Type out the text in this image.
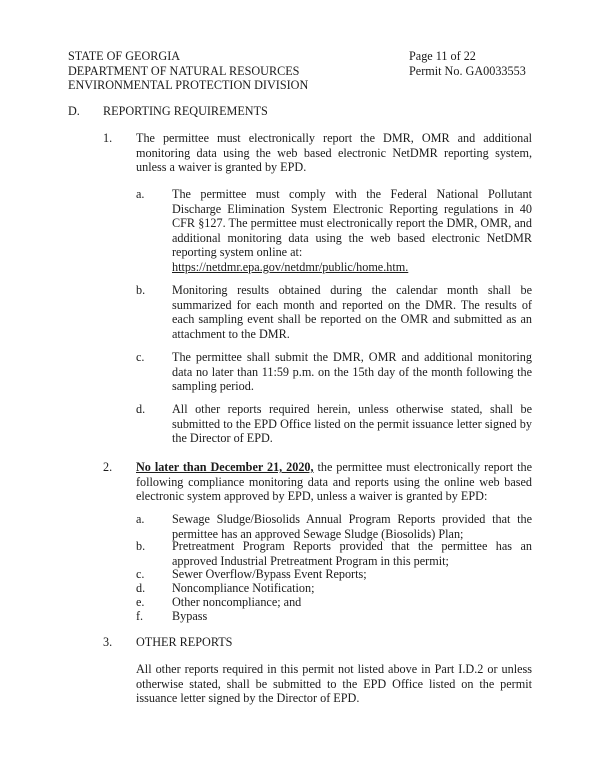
STATE OF GEORGIA
DEPARTMENT OF NATURAL RESOURCES
ENVIRONMENTAL PROTECTION DIVISION
Page 11 of 22
Permit No. GA0033553
D. REPORTING REQUIREMENTS
1.	The permittee must electronically report the DMR, OMR and additional monitoring data using the web based electronic NetDMR reporting system, unless a waiver is granted by EPD.
a.	The permittee must comply with the Federal National Pollutant Discharge Elimination System Electronic Reporting regulations in 40 CFR §127. The permittee must electronically report the DMR, OMR, and additional monitoring data using the web based electronic NetDMR reporting system online at:
https://netdmr.epa.gov/netdmr/public/home.htm.
b.	Monitoring results obtained during the calendar month shall be summarized for each month and reported on the DMR. The results of each sampling event shall be reported on the OMR and submitted as an attachment to the DMR.
c.	The permittee shall submit the DMR, OMR and additional monitoring data no later than 11:59 p.m. on the 15th day of the month following the sampling period.
d.	All other reports required herein, unless otherwise stated, shall be submitted to the EPD Office listed on the permit issuance letter signed by the Director of EPD.
2.	No later than December 21, 2020, the permittee must electronically report the following compliance monitoring data and reports using the online web based electronic system approved by EPD, unless a waiver is granted by EPD:
a.	Sewage Sludge/Biosolids Annual Program Reports provided that the permittee has an approved Sewage Sludge (Biosolids) Plan;
b.	Pretreatment Program Reports provided that the permittee has an approved Industrial Pretreatment Program in this permit;
c.	Sewer Overflow/Bypass Event Reports;
d.	Noncompliance Notification;
e.	Other noncompliance; and
f.	Bypass
3.	OTHER REPORTS
All other reports required in this permit not listed above in Part I.D.2 or unless otherwise stated, shall be submitted to the EPD Office listed on the permit issuance letter signed by the Director of EPD.
